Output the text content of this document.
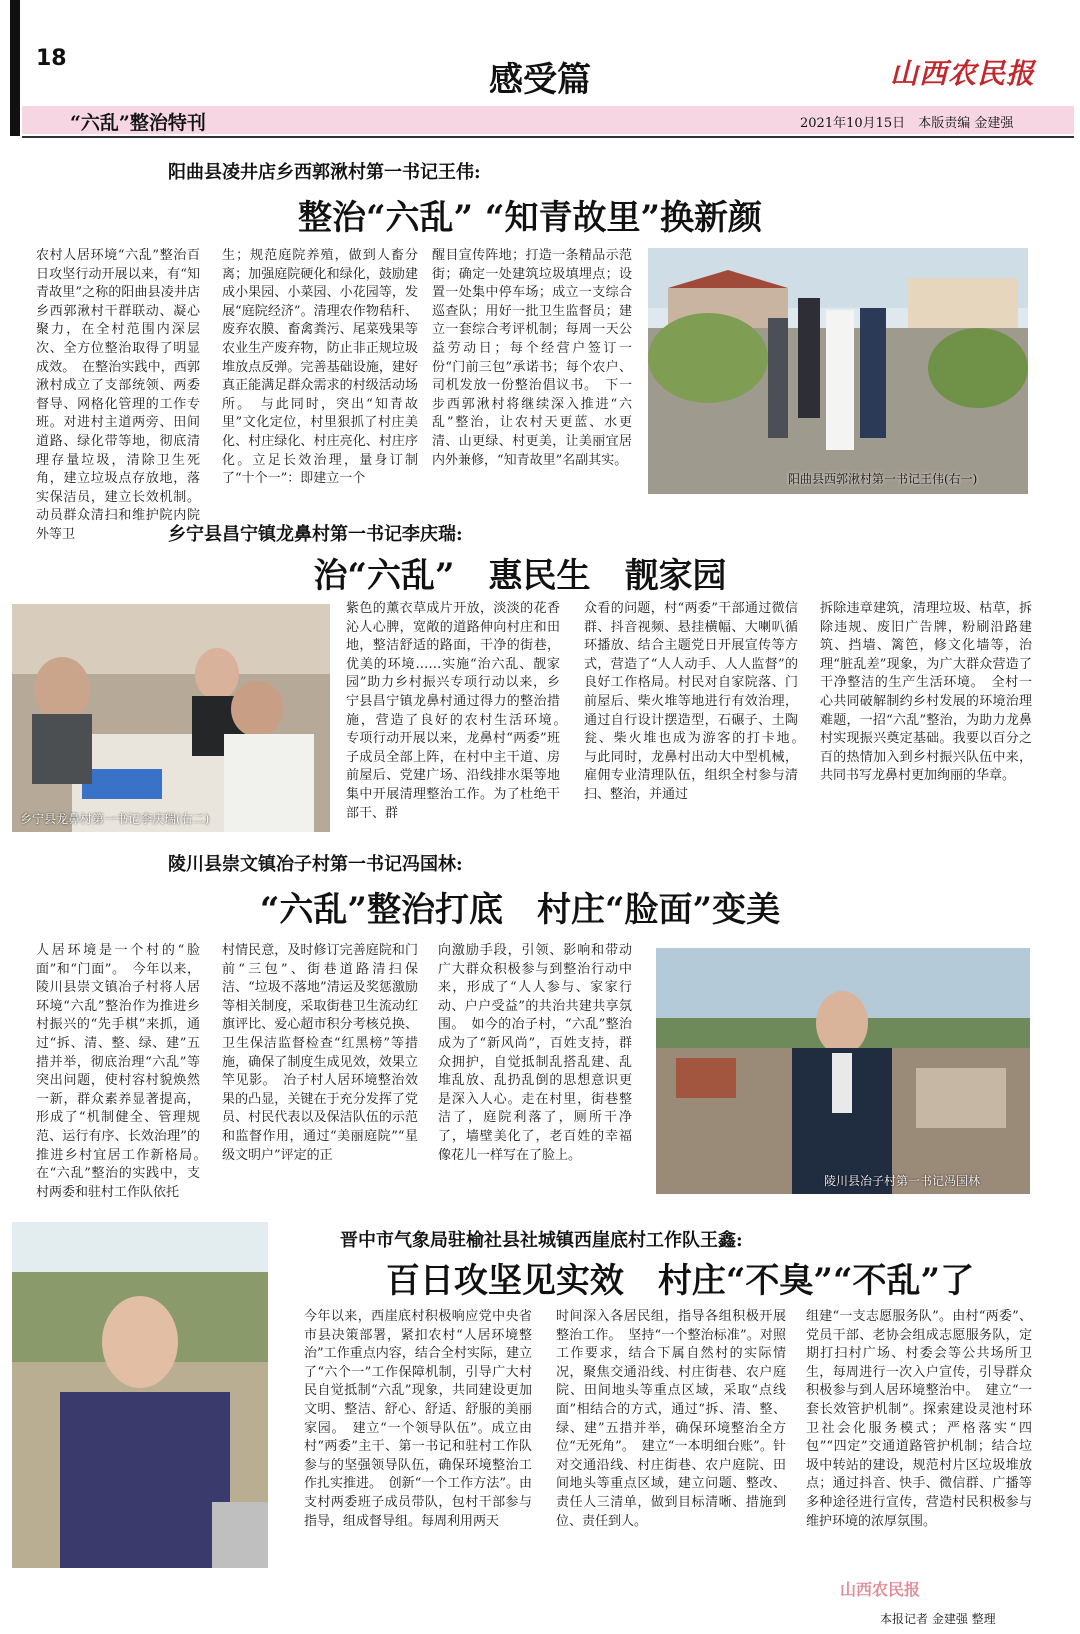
18
感受篇	山西农民报
“六乱”整治特刊	2021年10月15日　 本版责编 金建强
阳曲县凌井店乡西郭湫村第一书记王伟:
整治“六乱” “知青故里”换新颜
农村人居环境“六乱”整治百日攻坚行动开展以来，有“知青故里”之称的阳曲县凌井店乡西郭湫村干群联动、凝心聚力，在全村范围内深层次、全方位整治取得了明显成效。　在整治实践中，西郭湫村成立了支部统领、两委督导、网格化管理的工作专班。对进村主道两旁、田间道路、绿化带等地，彻底清理存量垃圾，清除卫生死角，建立垃圾点存放地，落实保洁员，建立长效机制。动员群众清扫和维护院内院外等卫
生；规范庭院养殖，做到人畜分离；加强庭院硬化和绿化，鼓励建成小果园、小菜园、小花园等，发展“庭院经济”。清理农作物秸秆、废弃农膜、畜禽粪污、尾菜残果等农业生产废弃物，防止非正规垃圾堆放点反弹。完善基础设施，建好真正能满足群众需求的村级活动场所。　与此同时，突出“知青故里”文化定位，村里狠抓了村庄美化、村庄绿化、村庄亮化、村庄序化。立足长效治理，量身订制了“十个一”：即建立一个
醒目宣传阵地；打造一条精品示范街；确定一处建筑垃圾填埋点；设置一处集中停车场；成立一支综合巡查队；用好一批卫生监督员；建立一套综合考评机制；每周一天公益劳动日；每个经营户签订一份“门前三包”承诺书；每个农户、司机发放一份整治倡议书。　下一步西郭湫村将继续深入推进“六乱”整治，让农村天更蓝、水更清、山更绿、村更美，让美丽宜居内外兼修，“知青故里”名副其实。
阳曲县西郭湫村第一书记王伟(右一)
乡宁县昌宁镇龙鼻村第一书记李庆瑞:
治“六乱”　惠民生　靓家园
乡宁县龙鼻村第一书记李庆瑞(右二)
紫色的薰衣草成片开放，淡淡的花香沁人心脾，宽敞的道路伸向村庄和田地，整洁舒适的路面，干净的街巷，优美的环境……实施“治六乱、靓家园”助力乡村振兴专项行动以来，乡宁县昌宁镇龙鼻村通过得力的整治措施，营造了良好的农村生活环境。　专项行动开展以来，龙鼻村“两委”班子成员全部上阵，在村中主干道、房前屋后、党建广场、沿线排水渠等地集中开展清理整治工作。为了杜绝干部干、群
众看的问题，村“两委”干部通过微信群、抖音视频、悬挂横幅、大喇叭循环播放、结合主题党日开展宣传等方式，营造了“人人动手、人人监督”的良好工作格局。村民对自家院落、门前屋后、柴火堆等地进行有效治理，通过自行设计摆造型，石碾子、土陶瓮、柴火堆也成为游客的打卡地。　与此同时，龙鼻村出动大中型机械，雇佣专业清理队伍，组织全村参与清扫、整治，并通过
拆除违章建筑，清理垃圾、枯草，拆除违规、废旧广告牌，粉刷沿路建筑、挡墙、篱笆，修文化墙等，治理“脏乱差”现象，为广大群众营造了干净整洁的生产生活环境。　全村一心共同破解制约乡村发展的环境治理难题，一招“六乱”整治，为助力龙鼻村实现振兴奠定基础。我要以百分之百的热情加入到乡村振兴队伍中来，共同书写龙鼻村更加绚丽的华章。
陵川县崇文镇冶子村第一书记冯国林:
“六乱”整治打底　村庄“脸面”变美
人居环境是一个村的“脸面”和“门面”。　今年以来，陵川县崇文镇冶子村将人居环境“六乱”整治作为推进乡村振兴的“先手棋”来抓，通过“拆、清、整、绿、建”五措并举，彻底治理“六乱”等突出问题，使村容村貌焕然一新，群众素养显著提高，形成了“机制健全、管理规范、运行有序、长效治理”的推进乡村宜居工作新格局。　在“六乱”整治的实践中，支村两委和驻村工作队依托
村情民意，及时修订完善庭院和门前“三包”、街巷道路清扫保洁、“垃圾不落地”清运及奖惩激励等相关制度，采取街巷卫生流动红旗评比、爱心超市积分考核兑换、卫生保洁监督检查“红黑榜”等措施，确保了制度生成见效，效果立竿见影。　冶子村人居环境整治效果的凸显，关键在于充分发挥了党员、村民代表以及保洁队伍的示范和监督作用，通过“美丽庭院”“星级文明户”评定的正
向激励手段，引领、影响和带动广大群众积极参与到整治行动中来，形成了“人人参与、家家行动、户户受益”的共治共建共享氛围。　如今的冶子村，“六乱”整治成为了“新风尚”，百姓支持，群众拥护，自觉抵制乱搭乱建、乱堆乱放、乱扔乱倒的思想意识更是深入人心。走在村里，街巷整洁了，庭院利落了，厕所干净了，墙壁美化了，老百姓的幸福像花儿一样写在了脸上。
陵川县冶子村第一书记冯国林
晋中市气象局驻榆社县社城镇西崖底村工作队王鑫:
百日攻坚见实效　村庄“不臭”“不乱”了
今年以来，西崖底村积极响应党中央省市县决策部署，紧扣农村“人居环境整治”工作重点内容，结合全村实际，建立了“六个一”工作保障机制，引导广大村民自觉抵制“六乱”现象，共同建设更加文明、整洁、舒心、舒适、舒服的美丽家园。　建立“一个领导队伍”。成立由村“两委”主干、第一书记和驻村工作队参与的坚强领导队伍，确保环境整治工作扎实推进。　创新“一个工作方法”。由支村两委班子成员带队，包村干部参与指导，组成督导组。每周利用两天
时间深入各居民组，指导各组积极开展整治工作。　坚持“一个整治标准”。对照工作要求，结合下属自然村的实际情况，聚焦交通沿线、村庄街巷、农户庭院、田间地头等重点区域，采取“点线面”相结合的方式，通过“拆、清、整、绿、建”五措并举，确保环境整治全方位“无死角”。　建立“一本明细台账”。针对交通沿线、村庄街巷、农户庭院、田间地头等重点区域，建立问题、整改、责任人三清单，做到目标清晰、措施到位、责任到人。
组建“一支志愿服务队”。由村“两委”、党员干部、老协会组成志愿服务队，定期打扫村广场、村委会等公共场所卫生，每周进行一次入户宣传，引导群众积极参与到人居环境整治中。　建立“一套长效管护机制”。探索建设灵池村环卫社会化服务模式；严格落实“四包”“四定”交通道路管护机制；结合垃圾中转站的建设，规范村片区垃圾堆放点；通过抖音、快手、微信群、广播等多种途径进行宣传，营造村民积极参与维护环境的浓厚氛围。
本报记者 金建强 整理
山西农民报
